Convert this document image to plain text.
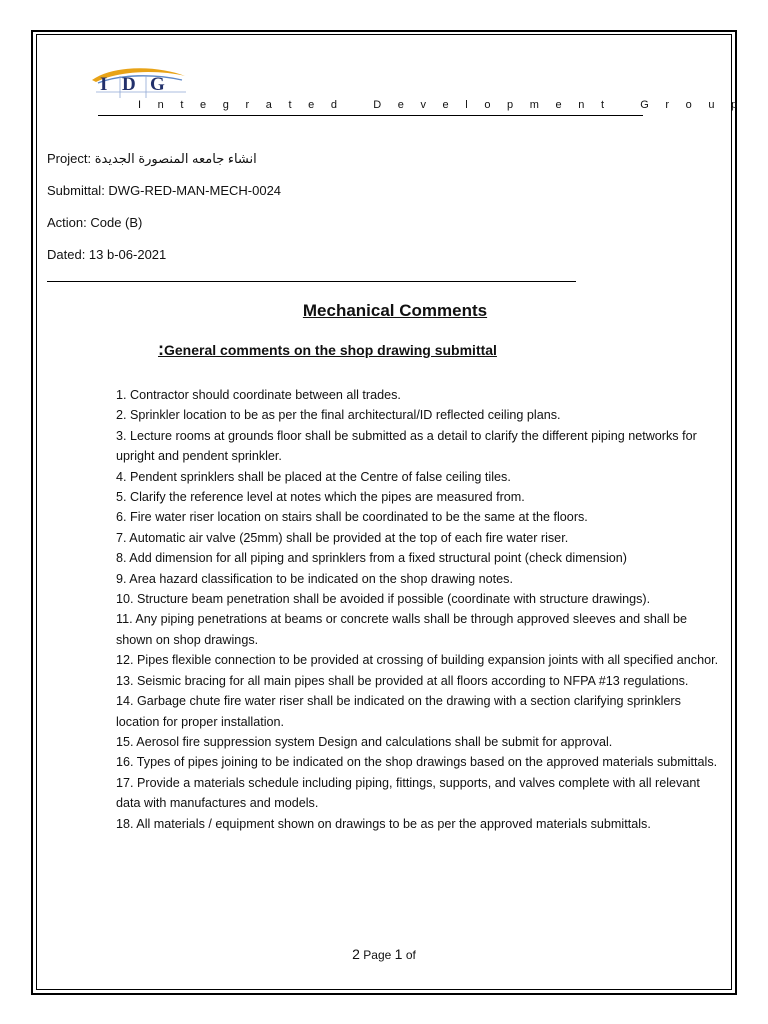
I D G
Integrated Development Group
Project: انشاء جامعه المنصورة الجديدة
Submittal: DWG-RED-MAN-MECH-0024
Action: Code (B)
Dated: 13 b-06-2021
Mechanical Comments
:General comments on the shop drawing submittal
1. Contractor should coordinate between all trades.
2. Sprinkler location to be as per the final architectural/ID reflected ceiling plans.
3. Lecture rooms at grounds floor shall be submitted as a detail to clarify the different piping networks for upright and pendent sprinkler.
4. Pendent sprinklers shall be placed at the Centre of false ceiling tiles.
5. Clarify the reference level at notes which the pipes are measured from.
6. Fire water riser location on stairs shall be coordinated to be the same at the floors.
7. Automatic air valve (25mm) shall be provided at the top of each fire water riser.
8. Add dimension for all piping and sprinklers from a fixed structural point (check dimension)
9. Area hazard classification to be indicated on the shop drawing notes.
10. Structure beam penetration shall be avoided if possible (coordinate with structure drawings).
11. Any piping penetrations at beams or concrete walls shall be through approved sleeves and shall be shown on shop drawings.
12. Pipes flexible connection to be provided at crossing of building expansion joints with all specified anchor.
13. Seismic bracing for all main pipes shall be provided at all floors according to NFPA #13 regulations.
14. Garbage chute fire water riser shall be indicated on the drawing with a section clarifying sprinklers location for proper installation.
15. Aerosol fire suppression system Design and calculations shall be submit for approval.
16. Types of pipes joining to be indicated on the shop drawings based on the approved materials submittals.
17. Provide a materials schedule including piping, fittings, supports, and valves complete with all relevant data with manufactures and models.
18. All materials / equipment shown on drawings to be as per the approved materials submittals.
2 Page 1 of
